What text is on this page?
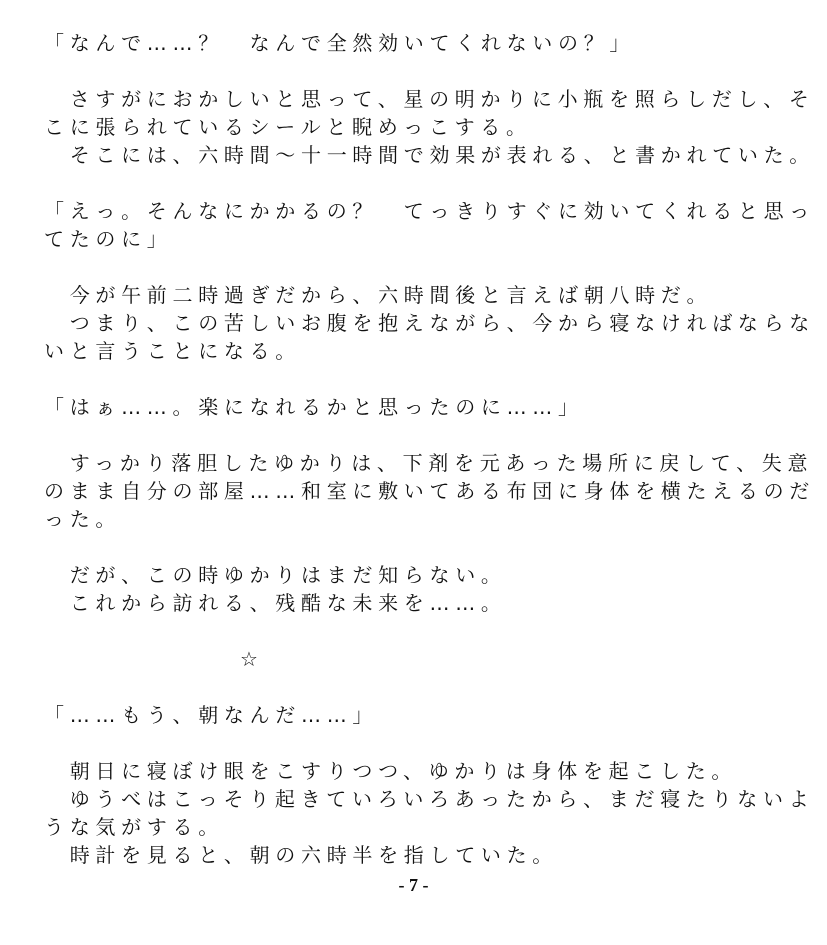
「なんで……？　なんで全然効いてくれないの？」
　さすがにおかしいと思って、星の明かりに小瓶を照らしだし、そ
こに張られているシールと睨めっこする。
　そこには、六時間～十一時間で効果が表れる、と書かれていた。
「えっ。そんなにかかるの？　てっきりすぐに効いてくれると思っ
てたのに」
　今が午前二時過ぎだから、六時間後と言えば朝八時だ。
　つまり、この苦しいお腹を抱えながら、今から寝なければならな
いと言うことになる。
「はぁ……。楽になれるかと思ったのに……」
　すっかり落胆したゆかりは、下剤を元あった場所に戻して、失意
のまま自分の部屋……和室に敷いてある布団に身体を横たえるのだ
った。
　だが、この時ゆかりはまだ知らない。
　これから訪れる、残酷な未来を……。
☆
「……もう、朝なんだ……」
　朝日に寝ぼけ眼をこすりつつ、ゆかりは身体を起こした。
　ゆうべはこっそり起きていろいろあったから、まだ寝たりないよ
うな気がする。
　時計を見ると、朝の六時半を指していた。
- 7 -
